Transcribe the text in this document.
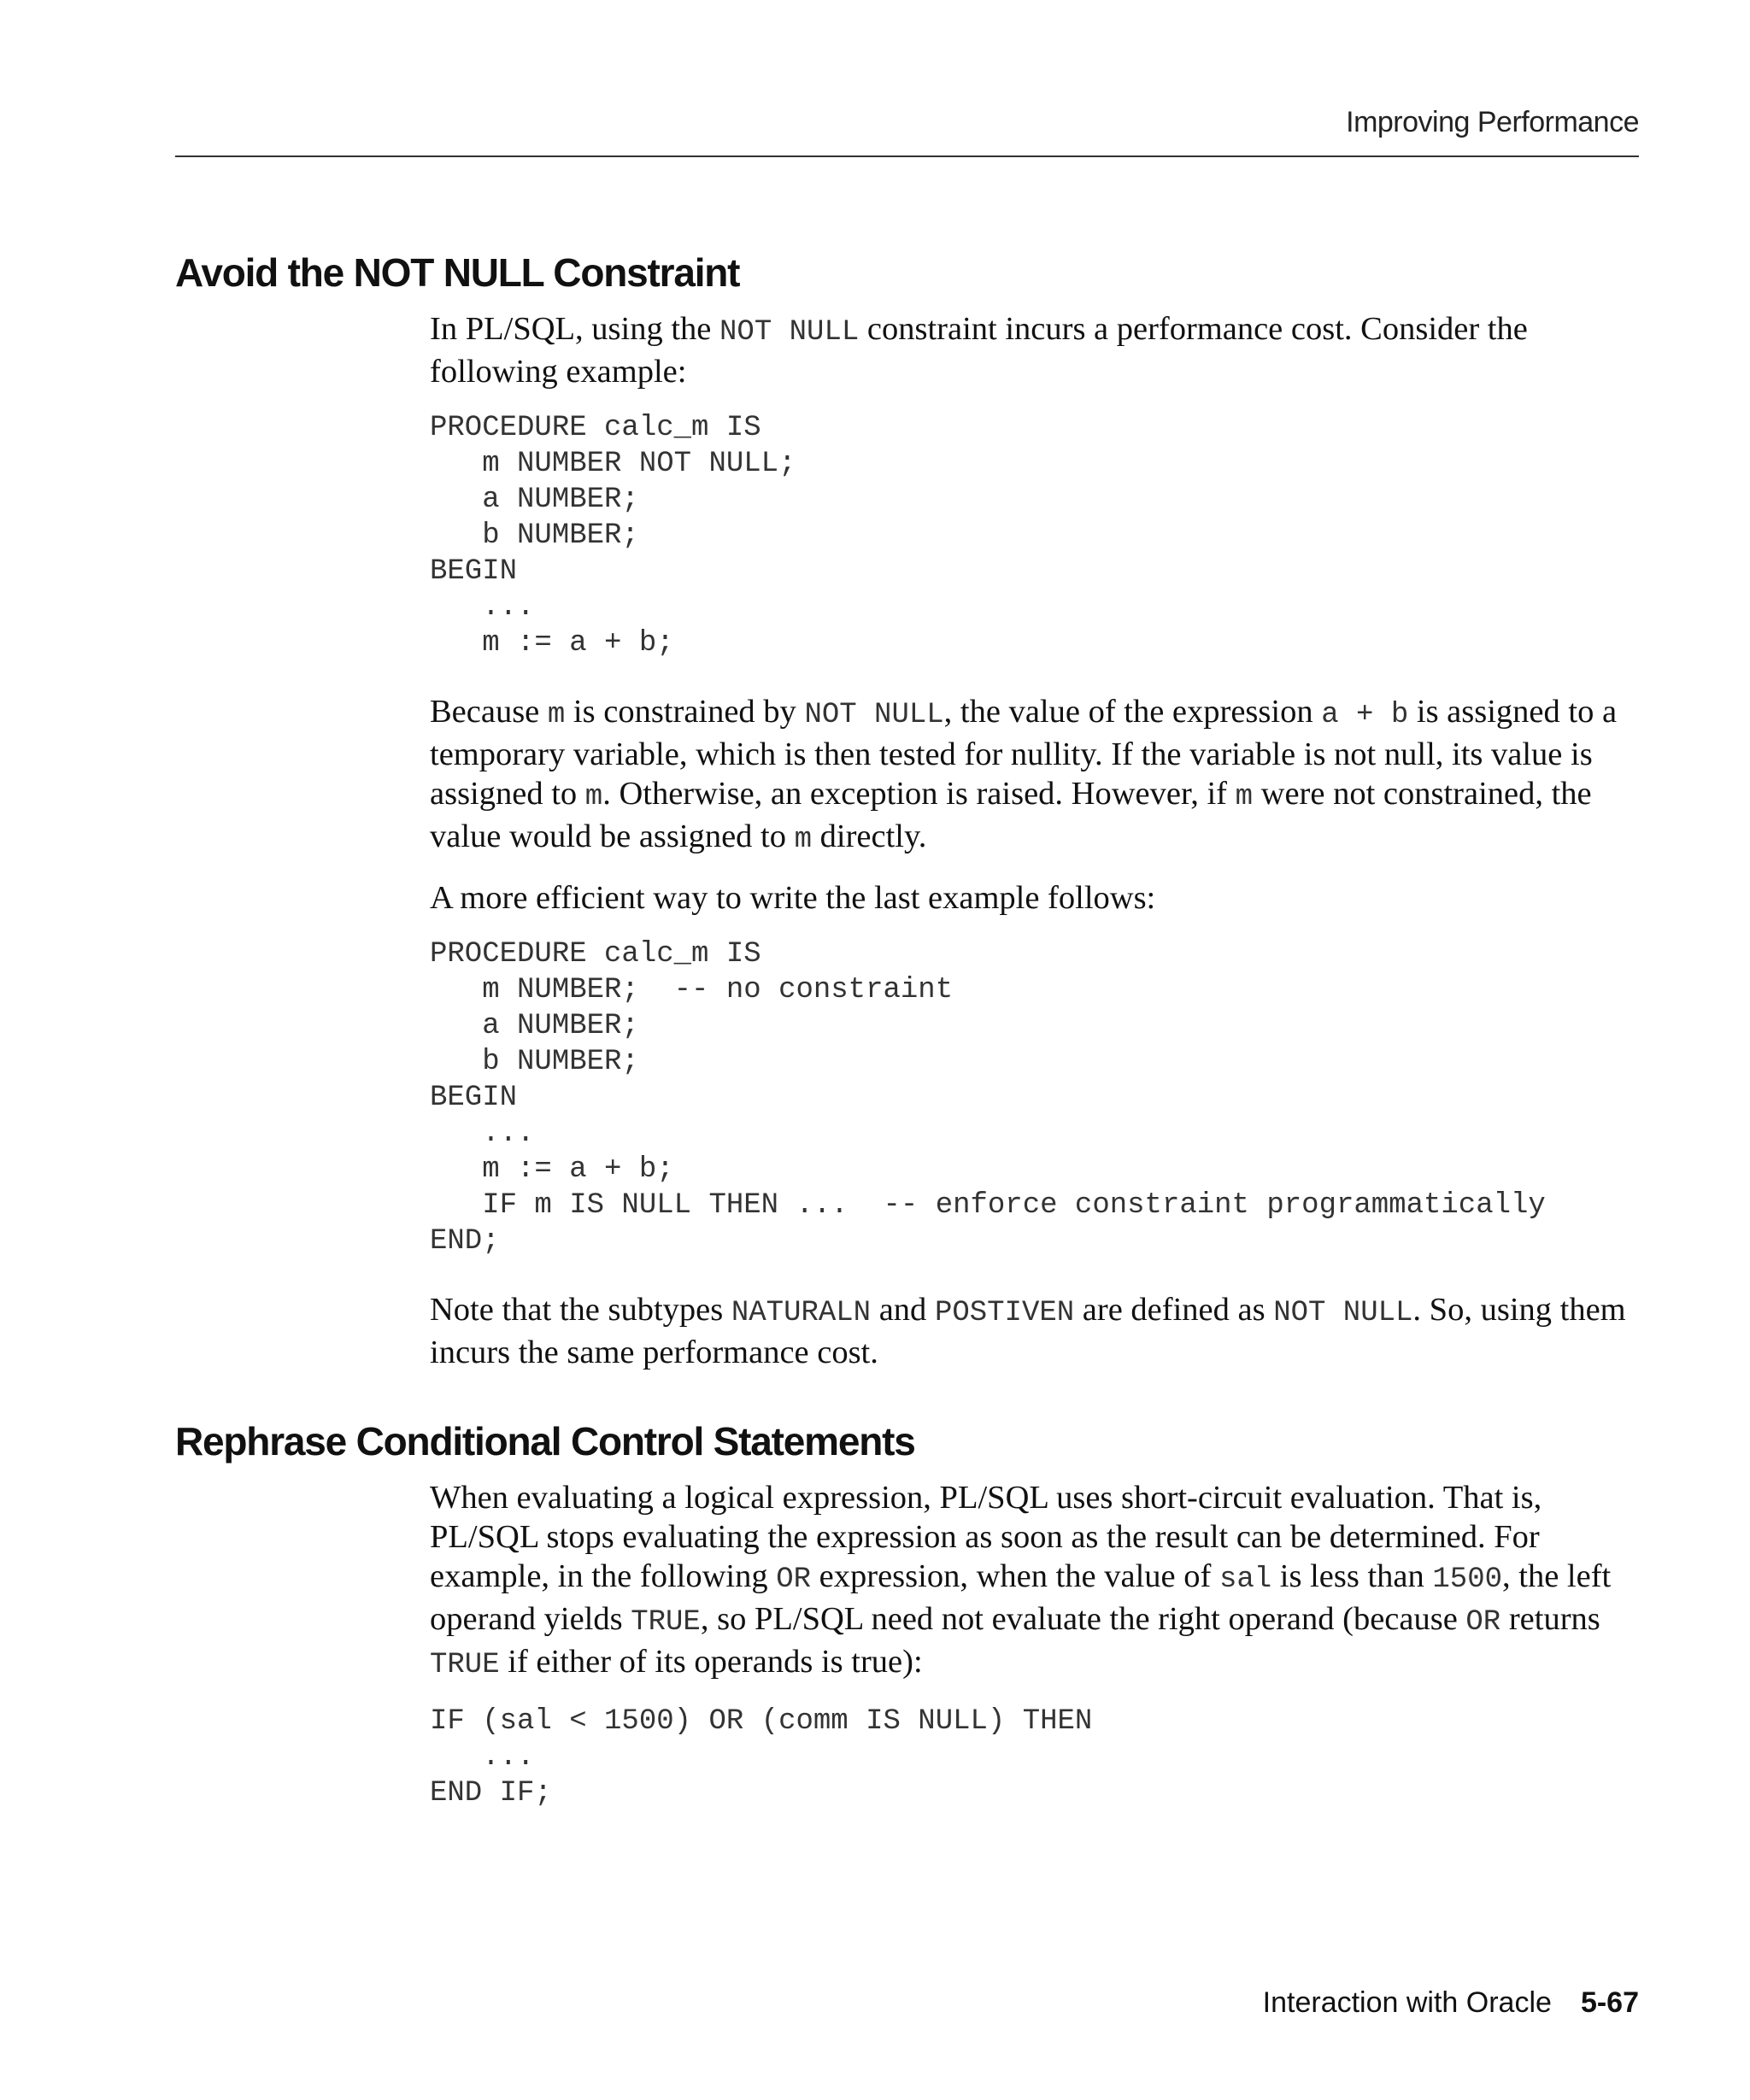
Improving Performance
Avoid the NOT NULL Constraint

In PL/SQL, using the NOT NULL constraint incurs a performance cost. Consider the following example:

PROCEDURE calc_m IS
m NUMBER NOT NULL;
a NUMBER;
b NUMBER;
BEGIN
...
m := a + b;

Because m is constrained by NOT NULL, the value of the expression a + b is assigned to a temporary variable, which is then tested for nullity. If the variable is not null, its value is assigned to m. Otherwise, an exception is raised. However, if m were not constrained, the value would be assigned to m directly.

A more efficient way to write the last example follows:

PROCEDURE calc_m IS
m NUMBER;  -- no constraint
a NUMBER;
b NUMBER;
BEGIN
...
m := a + b;
IF m IS NULL THEN ...  -- enforce constraint programmatically
END;

Note that the subtypes NATURALN and POSTIVEN are defined as NOT NULL. So, using them incurs the same performance cost.

Rephrase Conditional Control Statements

When evaluating a logical expression, PL/SQL uses short-circuit evaluation. That is, PL/SQL stops evaluating the expression as soon as the result can be determined. For example, in the following OR expression, when the value of sal is less than 1500, the left operand yields TRUE, so PL/SQL need not evaluate the right operand (because OR returns TRUE if either of its operands is true):

IF (sal < 1500) OR (comm IS NULL) THEN
...
END IF;
Interaction with Oracle 5-67
